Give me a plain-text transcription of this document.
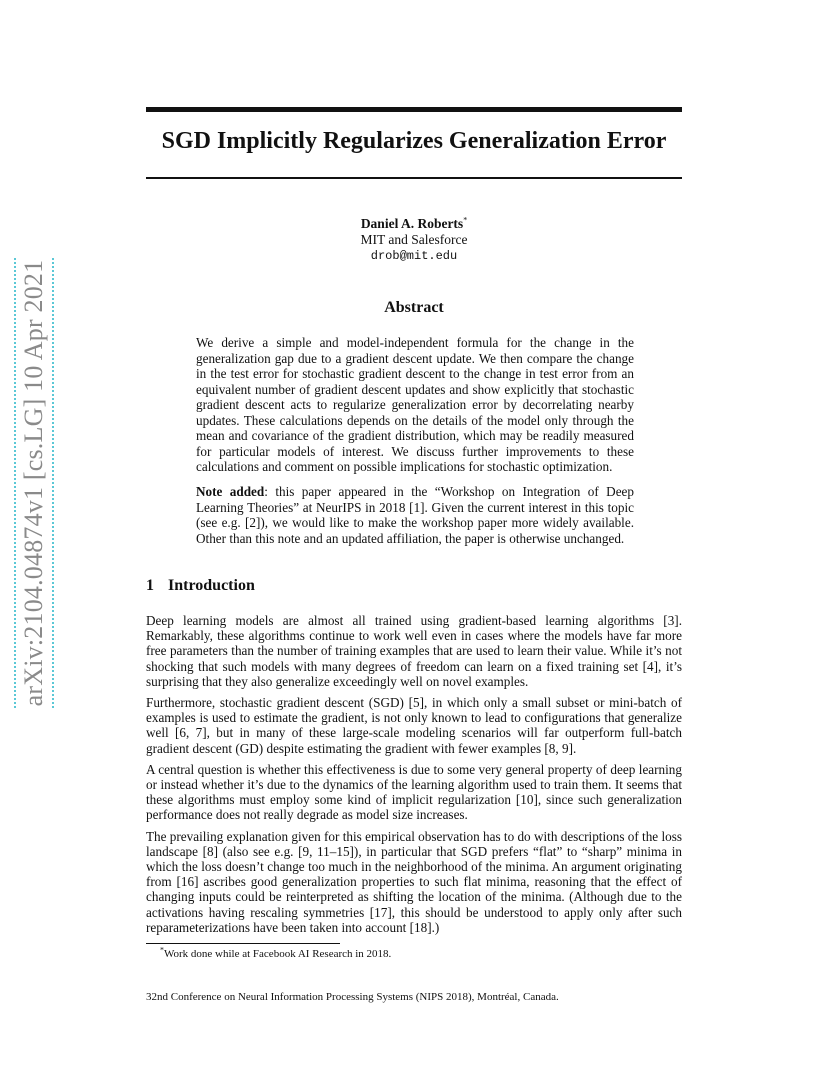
arXiv:2104.04874v1 [cs.LG] 10 Apr 2021
SGD Implicitly Regularizes Generalization Error
Daniel A. Roberts*
MIT and Salesforce
drob@mit.edu
Abstract

We derive a simple and model-independent formula for the change in the generalization gap due to a gradient descent update. We then compare the change in the test error for stochastic gradient descent to the change in test error from an equivalent number of gradient descent updates and show explicitly that stochastic gradient descent acts to regularize generalization error by decorrelating nearby updates. These calculations depends on the details of the model only through the mean and covariance of the gradient distribution, which may be readily measured for particular models of interest. We discuss further improvements to these calculations and comment on possible implications for stochastic optimization.

Note added: this paper appeared in the “Workshop on Integration of Deep Learning Theories” at NeurIPS in 2018 [1]. Given the current interest in this topic (see e.g. [2]), we would like to make the workshop paper more widely available. Other than this note and an updated affiliation, the paper is otherwise unchanged.

1 Introduction

Deep learning models are almost all trained using gradient-based learning algorithms [3]. Remarkably, these algorithms continue to work well even in cases where the models have far more free parameters than the number of training examples that are used to learn their value. While it’s not shocking that such models with many degrees of freedom can learn on a fixed training set [4], it’s surprising that they also generalize exceedingly well on novel examples.

Furthermore, stochastic gradient descent (SGD) [5], in which only a small subset or mini-batch of examples is used to estimate the gradient, is not only known to lead to configurations that generalize well [6, 7], but in many of these large-scale modeling scenarios will far outperform full-batch gradient descent (GD) despite estimating the gradient with fewer examples [8, 9].

A central question is whether this effectiveness is due to some very general property of deep learning or instead whether it’s due to the dynamics of the learning algorithm used to train them. It seems that these algorithms must employ some kind of implicit regularization [10], since such generalization performance does not really degrade as model size increases.

The prevailing explanation given for this empirical observation has to do with descriptions of the loss landscape [8] (also see e.g. [9, 11–15]), in particular that SGD prefers “flat” to “sharp” minima in which the loss doesn’t change too much in the neighborhood of the minima. An argument originating from [16] ascribes good generalization properties to such flat minima, reasoning that the effect of changing inputs could be reinterpreted as shifting the location of the minima. (Although due to the activations having rescaling symmetries [17], this should be understood to apply only after such reparameterizations have been taken into account [18].)

*Work done while at Facebook AI Research in 2018.

32nd Conference on Neural Information Processing Systems (NIPS 2018), Montréal, Canada.
